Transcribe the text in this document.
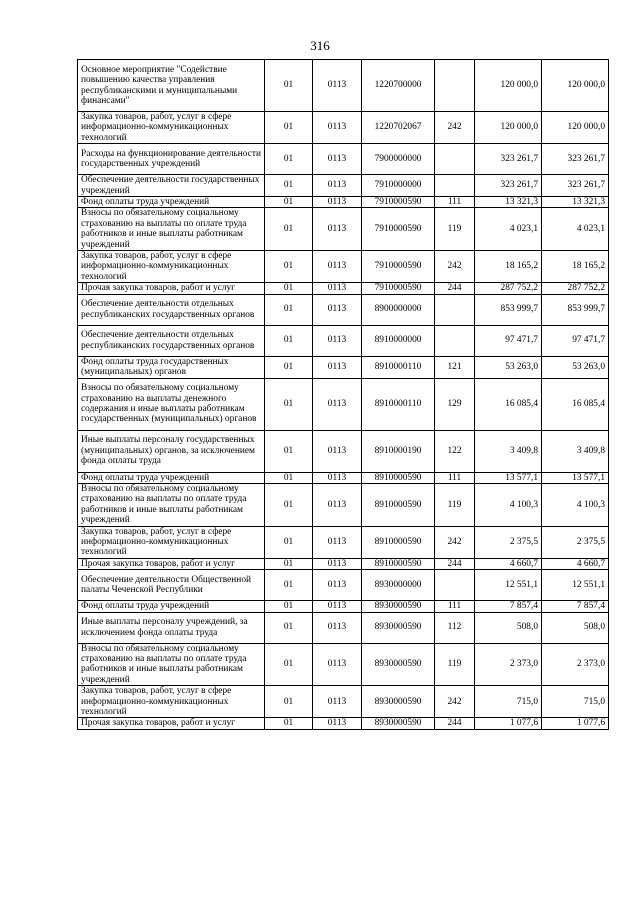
316
Основное мероприятие "Содействие повышению качества управления республиканскими и муниципальными финансами"	01	0113	1220700000		120 000,0	120 000,0
Закупка товаров, работ, услуг в сфере информационно-коммуникационных технологий	01	0113	1220702067	242	120 000,0	120 000,0
Расходы на функционирование деятельности государственных учреждений	01	0113	7900000000		323 261,7	323 261,7
Обеспечение деятельности государственных учреждений	01	0113	7910000000		323 261,7	323 261,7
Фонд оплаты труда учреждений	01	0113	7910000590	111	13 321,3	13 321,3
Взносы по обязательному социальному страхованию на выплаты по оплате труда работников и иные выплаты работникам учреждений	01	0113	7910000590	119	4 023,1	4 023,1
Закупка товаров, работ, услуг в сфере информационно-коммуникационных технологий	01	0113	7910000590	242	18 165,2	18 165,2
Прочая закупка товаров, работ и услуг	01	0113	7910000590	244	287 752,2	287 752,2
Обеспечение деятельности отдельных республиканских государственных органов	01	0113	8900000000		853 999,7	853 999,7
Обеспечение деятельности отдельных республиканских государственных органов	01	0113	8910000000		97 471,7	97 471,7
Фонд оплаты труда государственных (муниципальных) органов	01	0113	8910000110	121	53 263,0	53 263,0
Взносы по обязательному социальному страхованию на выплаты денежного содержания и иные выплаты работникам государственных (муниципальных) органов	01	0113	8910000110	129	16 085,4	16 085,4
Иные выплаты персоналу государственных (муниципальных) органов, за исключением фонда оплаты труда	01	0113	8910000190	122	3 409,8	3 409,8
Фонд оплаты труда учреждений	01	0113	8910000590	111	13 577,1	13 577,1
Взносы по обязательному социальному страхованию на выплаты по оплате труда работников и иные выплаты работникам учреждений	01	0113	8910000590	119	4 100,3	4 100,3
Закупка товаров, работ, услуг в сфере информационно-коммуникационных технологий	01	0113	8910000590	242	2 375,5	2 375,5
Прочая закупка товаров, работ и услуг	01	0113	8910000590	244	4 660,7	4 660,7
Обеспечение деятельности Общественной палаты Чеченской Республики	01	0113	8930000000		12 551,1	12 551,1
Фонд оплаты труда учреждений	01	0113	8930000590	111	7 857,4	7 857,4
Иные выплаты персоналу учреждений, за исключением фонда оплаты труда	01	0113	8930000590	112	508,0	508,0
Взносы по обязательному социальному страхованию на выплаты по оплате труда работников и иные выплаты работникам учреждений	01	0113	8930000590	119	2 373,0	2 373,0
Закупка товаров, работ, услуг в сфере информационно-коммуникационных технологий	01	0113	8930000590	242	715,0	715,0
Прочая закупка товаров, работ и услуг	01	0113	8930000590	244	1 077,6	1 077,6
